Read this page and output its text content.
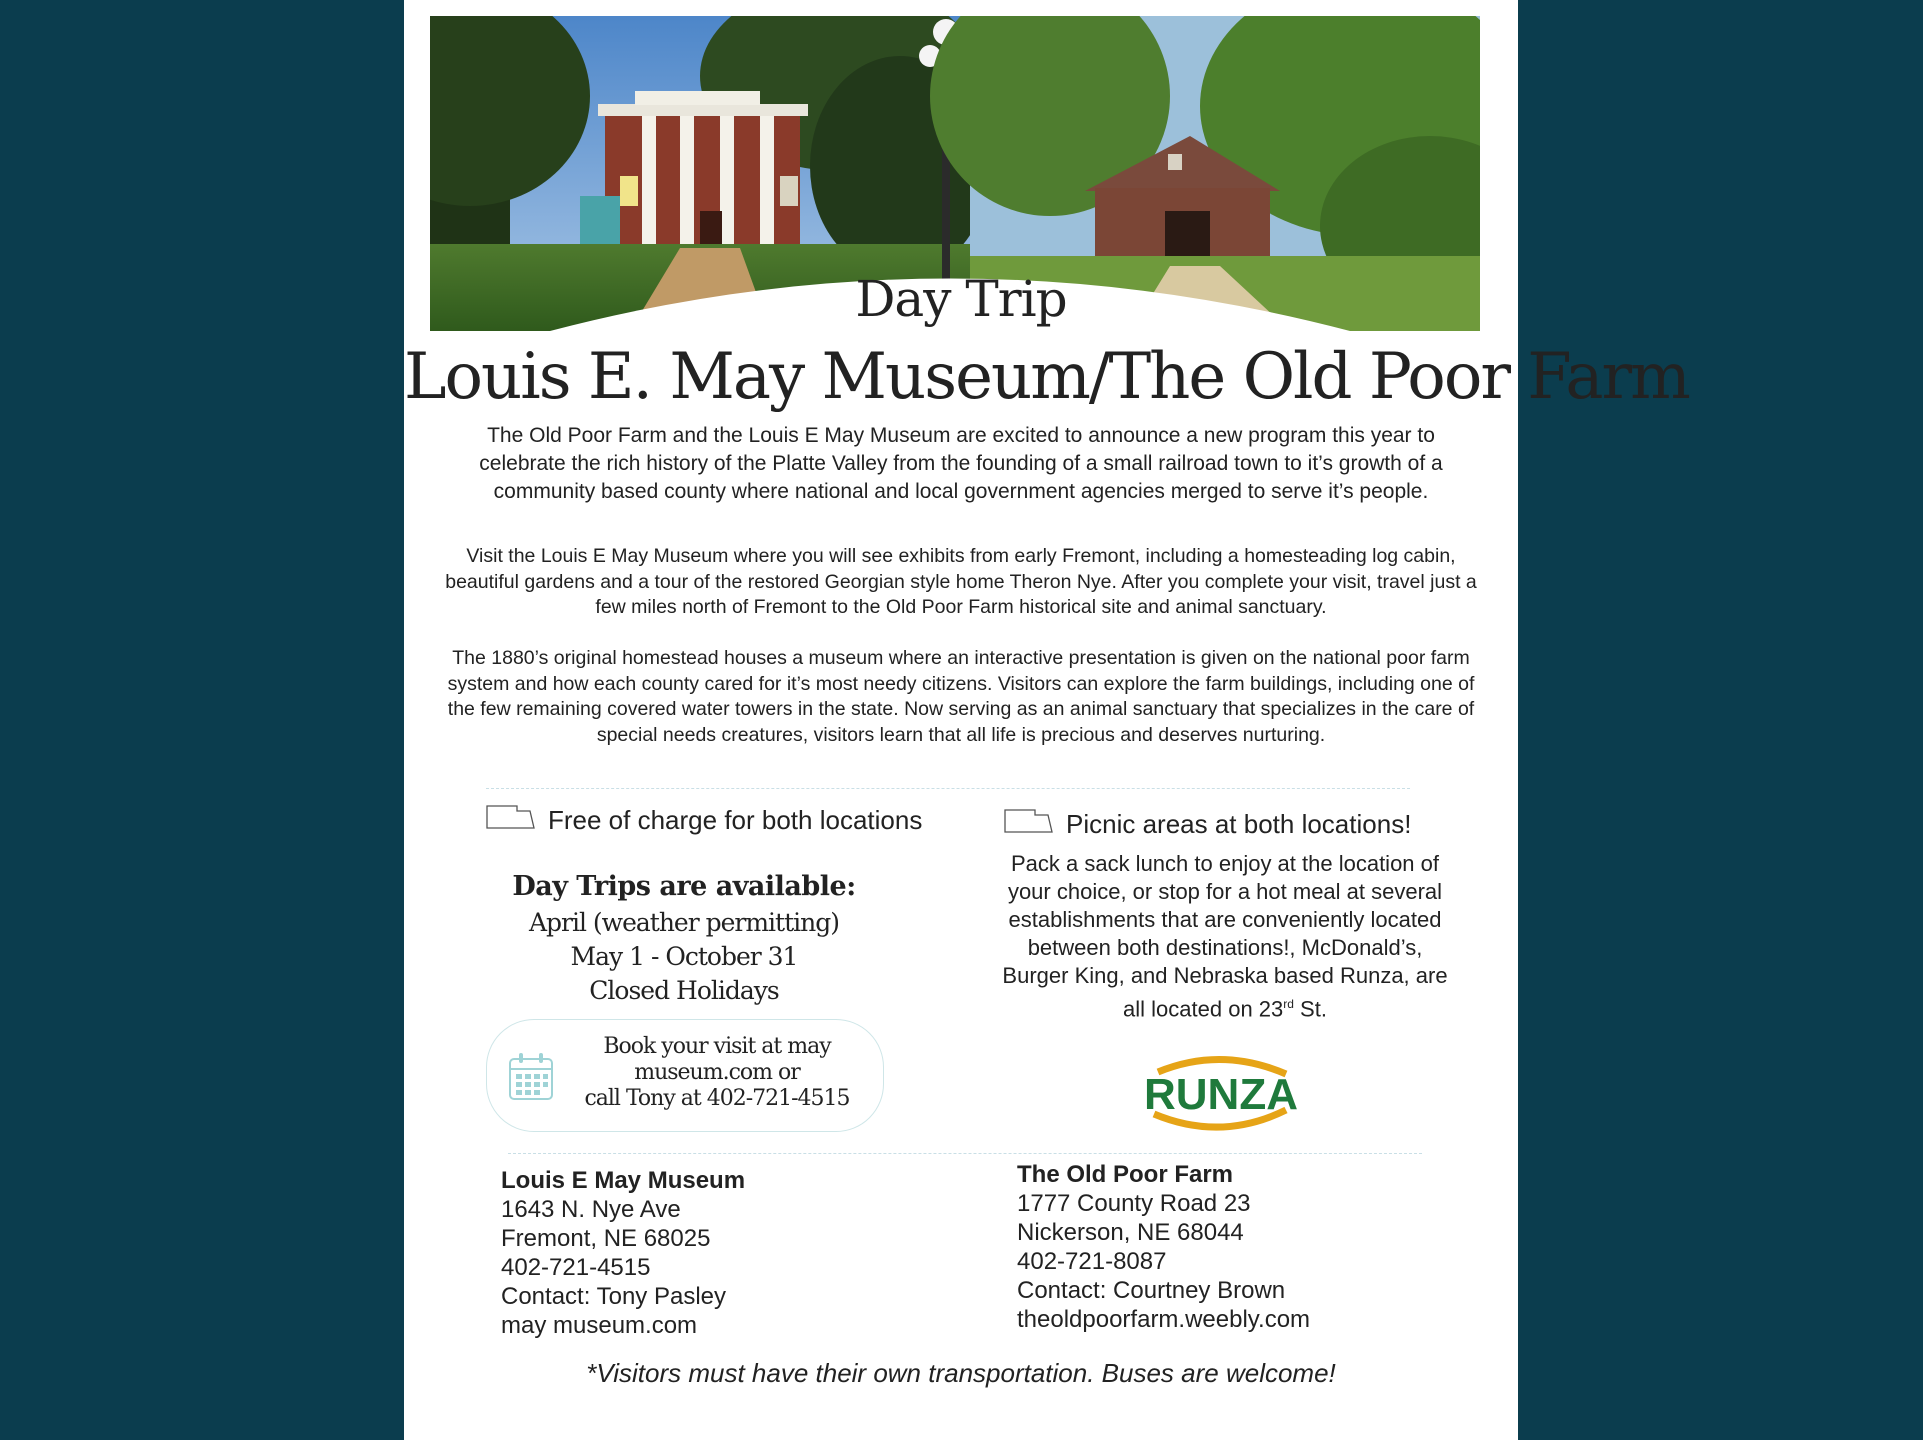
Day Trip
Louis E. May Museum/The Old Poor Farm

The Old Poor Farm and the Louis E May Museum are excited to announce a new program this year to celebrate the rich history of the Platte Valley from the founding of a small railroad town to it’s growth of a community based county where national and local government agencies merged to serve it’s people.

Visit the Louis E May Museum where you will see exhibits from early Fremont, including a homesteading log cabin, beautiful gardens and a tour of the restored Georgian style home Theron Nye. After you complete your visit, travel just a few miles north of Fremont to the Old Poor Farm historical site and animal sanctuary.

The 1880’s original homestead houses a museum where an interactive presentation is given on the national poor farm system and how each county cared for it’s most needy citizens. Visitors can explore the farm buildings, including one of the few remaining covered water towers in the state. Now serving as an animal sanctuary that specializes in the care of special needs creatures, visitors learn that all life is precious and deserves nurturing.

Free of charge for both locations	Picnic areas at both locations!
Day Trips are available:
April (weather permitting)
May 1 - October 31
Closed Holidays
Book your visit at may
museum.com or
call Tony at 402-721-4515

Pack a sack lunch to enjoy at the location of your choice, or stop for a hot meal at several establishments that are conveniently located between both destinations!, McDonald’s, Burger King, and Nebraska based Runza, are all located on 23rd St.

RUNZA
Louis E May Museum
1643 N. Nye Ave
Fremont, NE 68025
402-721-4515
Contact: Tony Pasley
may museum.com
The Old Poor Farm
1777 County Road 23
Nickerson, NE 68044
402-721-8087
Contact: Courtney Brown
theoldpoorfarm.weebly.com
*Visitors must have their own transportation. Buses are welcome!
